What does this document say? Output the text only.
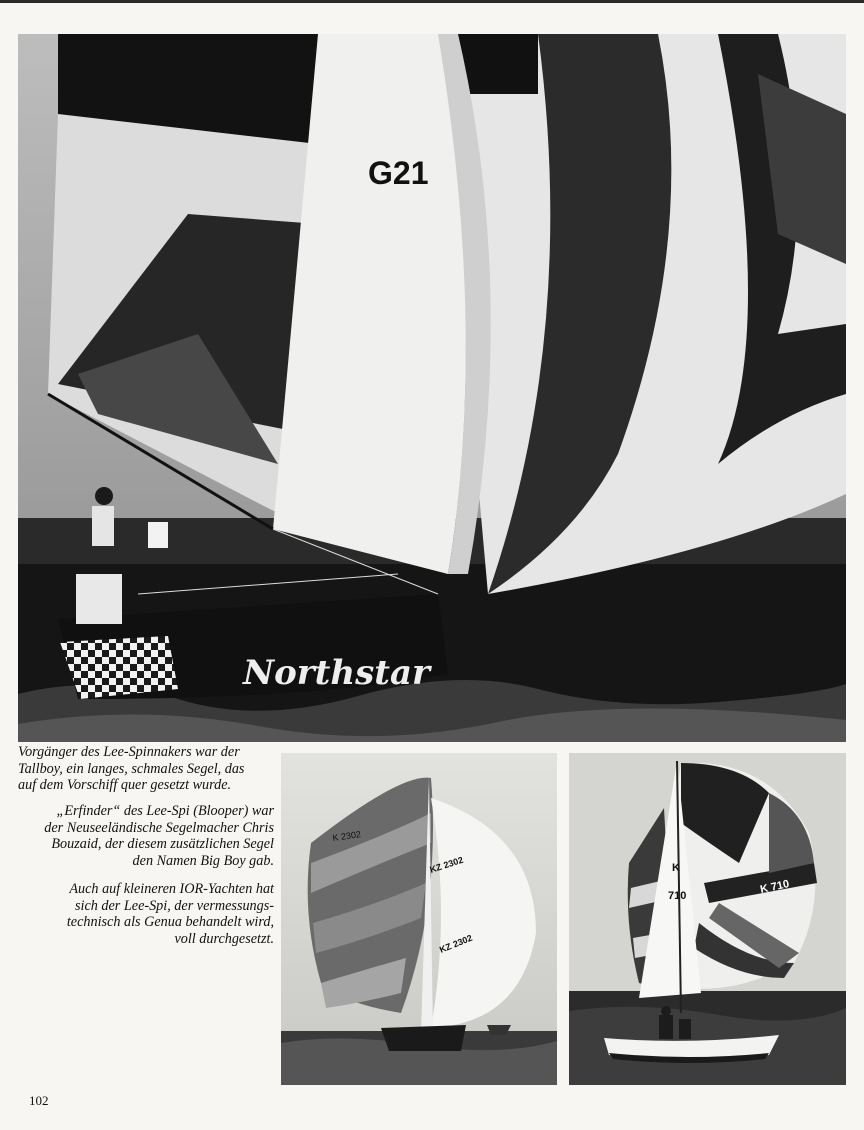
G21
Northstar

Vorgänger des Lee-Spinnakers war der
Tallboy, ein langes, schmales Segel, das
auf dem Vorschiff quer gesetzt wurde.

„Erfinder“ des Lee-Spi (Blooper) war
der Neuseeländische Segelmacher Chris
Bouzaid, der diesem zusätzlichen Segel
den Namen Big Boy gab.

Auch auf kleineren IOR-Yachten hat
sich der Lee-Spi, der vermessungs-
technisch als Genua behandelt wird,
voll durchgesetzt.

K 2302
KZ 2302
KZ 2302
K
710
K 710
102
